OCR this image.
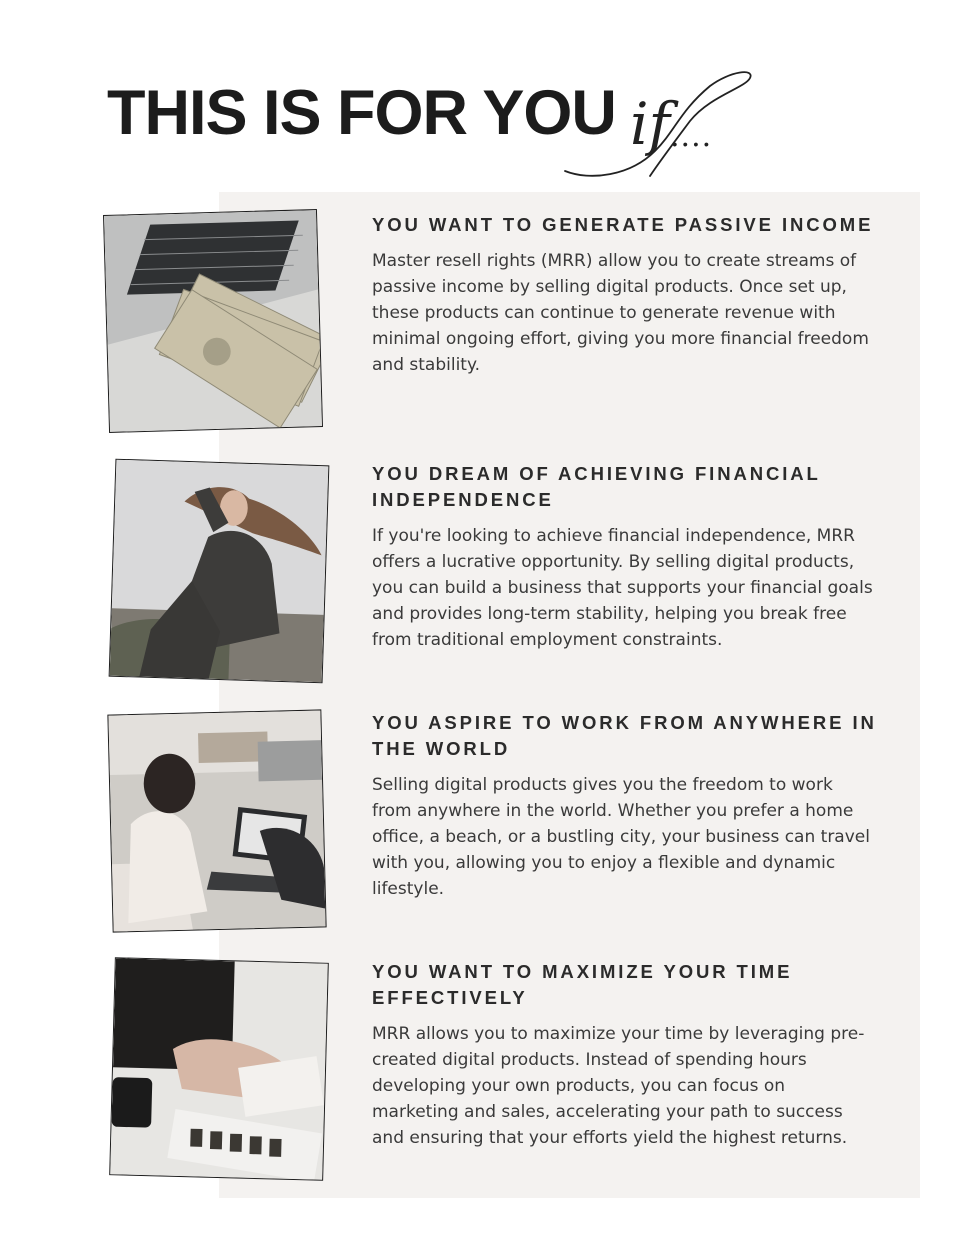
THIS IS FOR YOU if ....
YOU WANT TO GENERATE PASSIVE INCOME

Master resell rights (MRR) allow you to create streams of passive income by selling digital products. Once set up, these products can continue to generate revenue with minimal ongoing effort, giving you more financial freedom and stability.

YOU DREAM OF ACHIEVING FINANCIAL INDEPENDENCE

If you're looking to achieve financial independence, MRR offers a lucrative opportunity. By selling digital products, you can build a business that supports your financial goals and provides long-term stability, helping you break free from traditional employment constraints.

YOU ASPIRE TO WORK FROM ANYWHERE IN THE WORLD

Selling digital products gives you the freedom to work from anywhere in the world. Whether you prefer a home office, a beach, or a bustling city, your business can travel with you, allowing you to enjoy a flexible and dynamic lifestyle.

YOU WANT TO MAXIMIZE YOUR TIME EFFECTIVELY

MRR allows you to maximize your time by leveraging pre-created digital products. Instead of spending hours developing your own products, you can focus on marketing and sales, accelerating your path to success and ensuring that your efforts yield the highest returns.
